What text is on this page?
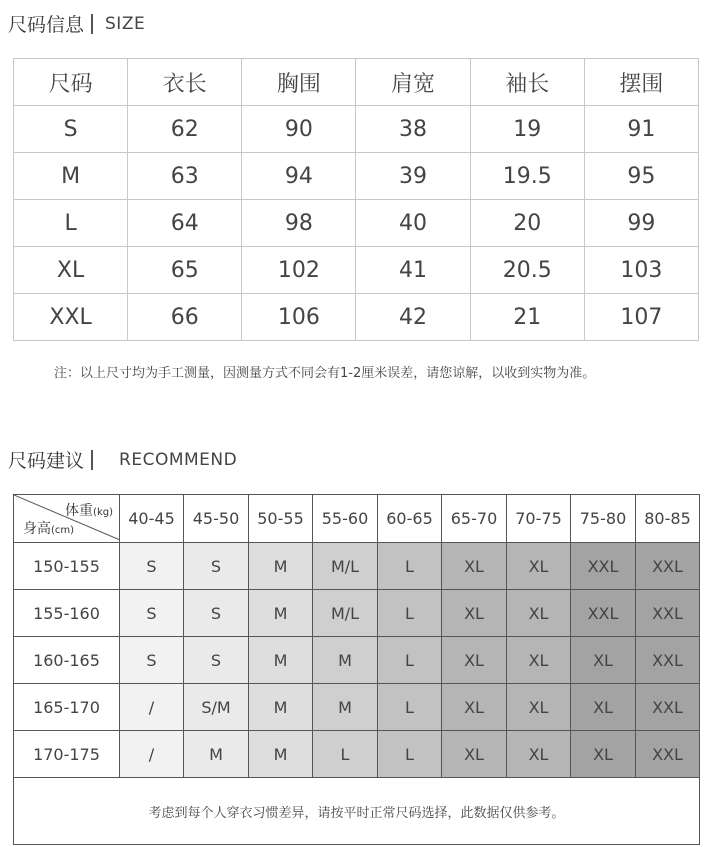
尺码信息 SIZE
尺码	衣长	胸围	肩宽	袖长	摆围
S	62	90	38	19	91
M	63	94	39	19.5	95
L	64	98	40	20	99
XL	65	102	41	20.5	103
XXL	66	106	42	21	107
注：以上尺寸均为手工测量，因测量方式不同会有1-2厘米误差，请您谅解，以收到实物为准。
尺码建议 RECOMMEND
体重(kg)
身高(cm)	40-45	45-50	50-55	55-60	60-65	65-70	70-75	75-80	80-85
150-155	S	S	M	M/L	L	XL	XL	XXL	XXL
155-160	S	S	M	M/L	L	XL	XL	XXL	XXL
160-165	S	S	M	M	L	XL	XL	XL	XXL
165-170	/	S/M	M	M	L	XL	XL	XL	XXL
170-175	/	M	M	L	L	XL	XL	XL	XXL
考虑到每个人穿衣习惯差异，请按平时正常尺码选择，此数据仅供参考。									
